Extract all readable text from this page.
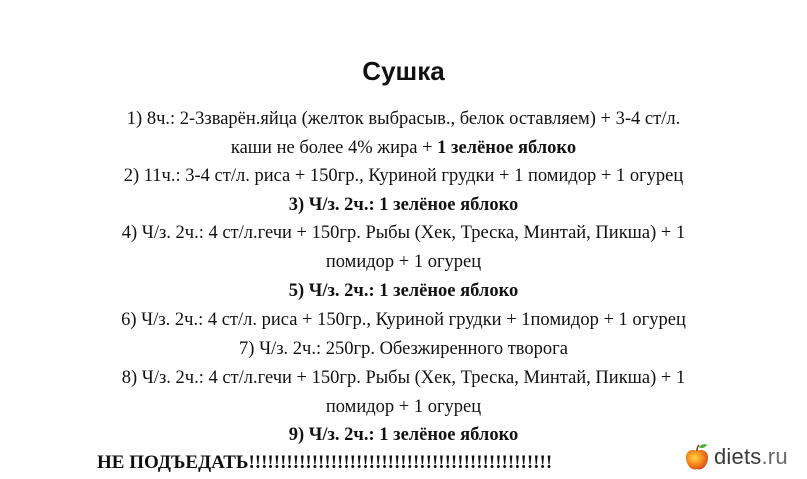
Сушка
1) 8ч.: 2-3зварён.яйца (желток выбрасыв., белок оставляем) + 3-4 ст/л.
каши не более 4% жира + 1 зелёное яблоко
2) 11ч.: 3-4 ст/л. риса + 150гр., Куриной грудки + 1 помидор + 1 огурец
3) Ч/з. 2ч.: 1 зелёное яблоко
4) Ч/з. 2ч.: 4 ст/л.гечи + 150гр. Рыбы (Хек, Треска, Минтай, Пикша) + 1
помидор + 1 огурец
5) Ч/з. 2ч.: 1 зелёное яблоко
6) Ч/з. 2ч.: 4 ст/л. риса + 150гр., Куриной грудки + 1помидор + 1 огурец
7) Ч/з. 2ч.: 250гр. Обезжиренного творога
8) Ч/з. 2ч.: 4 ст/л.гечи + 150гр. Рыбы (Хек, Треска, Минтай, Пикша) + 1
помидор + 1 огурец
9) Ч/з. 2ч.: 1 зелёное яблоко
НЕ ПОДЪЕДАТЬ!!!!!!!!!!!!!!!!!!!!!!!!!!!!!!!!!!!!!!!!!!!!!!!!	diets.ru
